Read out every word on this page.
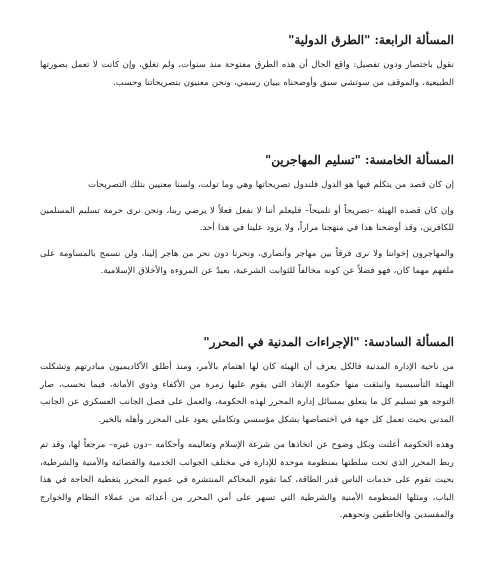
المسألة الرابعة: "الطرق الدولية"

نقول باختصار ودون تفصيل: واقع الحال أن هذه الطرق مفتوحة منذ سنوات، ولم تغلق، وإن كانت لا تعمل بصورتها الطبيعية، والموقف من سوتشي سبق وأوضحناه ببيان رسمي، ونحن معنيون بتصريحاتنا وحسب.

المسألة الخامسة: "تسليم المهاجرين"

إن كان قصد من يتكلم فيها هو الدول فلندول تصريحاتها وهي وما تولت، ولسنا معنيين بتلك التصريحات

وإن كان قصده الهيئة –تصريحاً أو تلميحاً– فليعلم أننا لا نفعل فعلاً لا يرضي ربنا، ونحن نرى حرمة تسليم المسلمين للكافرين، وقد أوضحنا هذا في منهجنا مراراً، ولا يزود علينا في هذا أحد.

والمهاجرون إخواننا ولا نرى فرقاً بين مهاجر وأنصاري، ونحرنا دون نحر من هاجر إلينا، ولن نسمح بالمساومة على ملفهم مهما كان، فهو فضلاً عن كونه مخالفاً للثوابت الشرعية، بعيدٌ عن المروءة والأخلاق الإسلامية.

المسألة السادسة: "الإجراءات المدنية في المحرر"

من ناحية الإدارة المدنية فالكل يعرف أن الهيئة كان لها اهتمام بالأمر، ومنذ أطلق الأكاديميون مبادرتهم وتشكلت الهيئة التأسيسية وانبثقت منها حكومة الإنقاذ التي يقوم عليها زمرة من الأكفاء وذوي الأمانة، فيما نحسب، صار التوجه هو تسليم كل ما يتعلق بمسائل إدارة المحرر لهذه الحكومة، والعمل على فصل الجانب العسكري عن الجانب المدني بحيث تعمل كل جهة في اختصاصها بشكل مؤسسي وتكاملي يعود على المحرر وأهله بالخير.

وهذه الحكومة أعلنت وبكل وضوح عن اتخاذها من شرعة الإسلام وتعاليمه وأحكامه –دون غيره– مرجعاً لها، وقد تم ربط المحرر الذي تحت سلطتها بمنظومة موحدة للإدارة في مختلف الجوانب الخدمية والقضائية والأمنية والشرطية، بحيث تقوم على خدمات الناس قدر الطاقة، كما تقوم المحاكم المنتشرة في عموم المحرر بتغطية الحاجة في هذا الباب، ومثلها المنظومة الأمنية والشرطية التي تسهر على أمن المحرر من أعدائه من عملاء النظام والخوارج والمفسدين والخاطفين ونحوهم.
